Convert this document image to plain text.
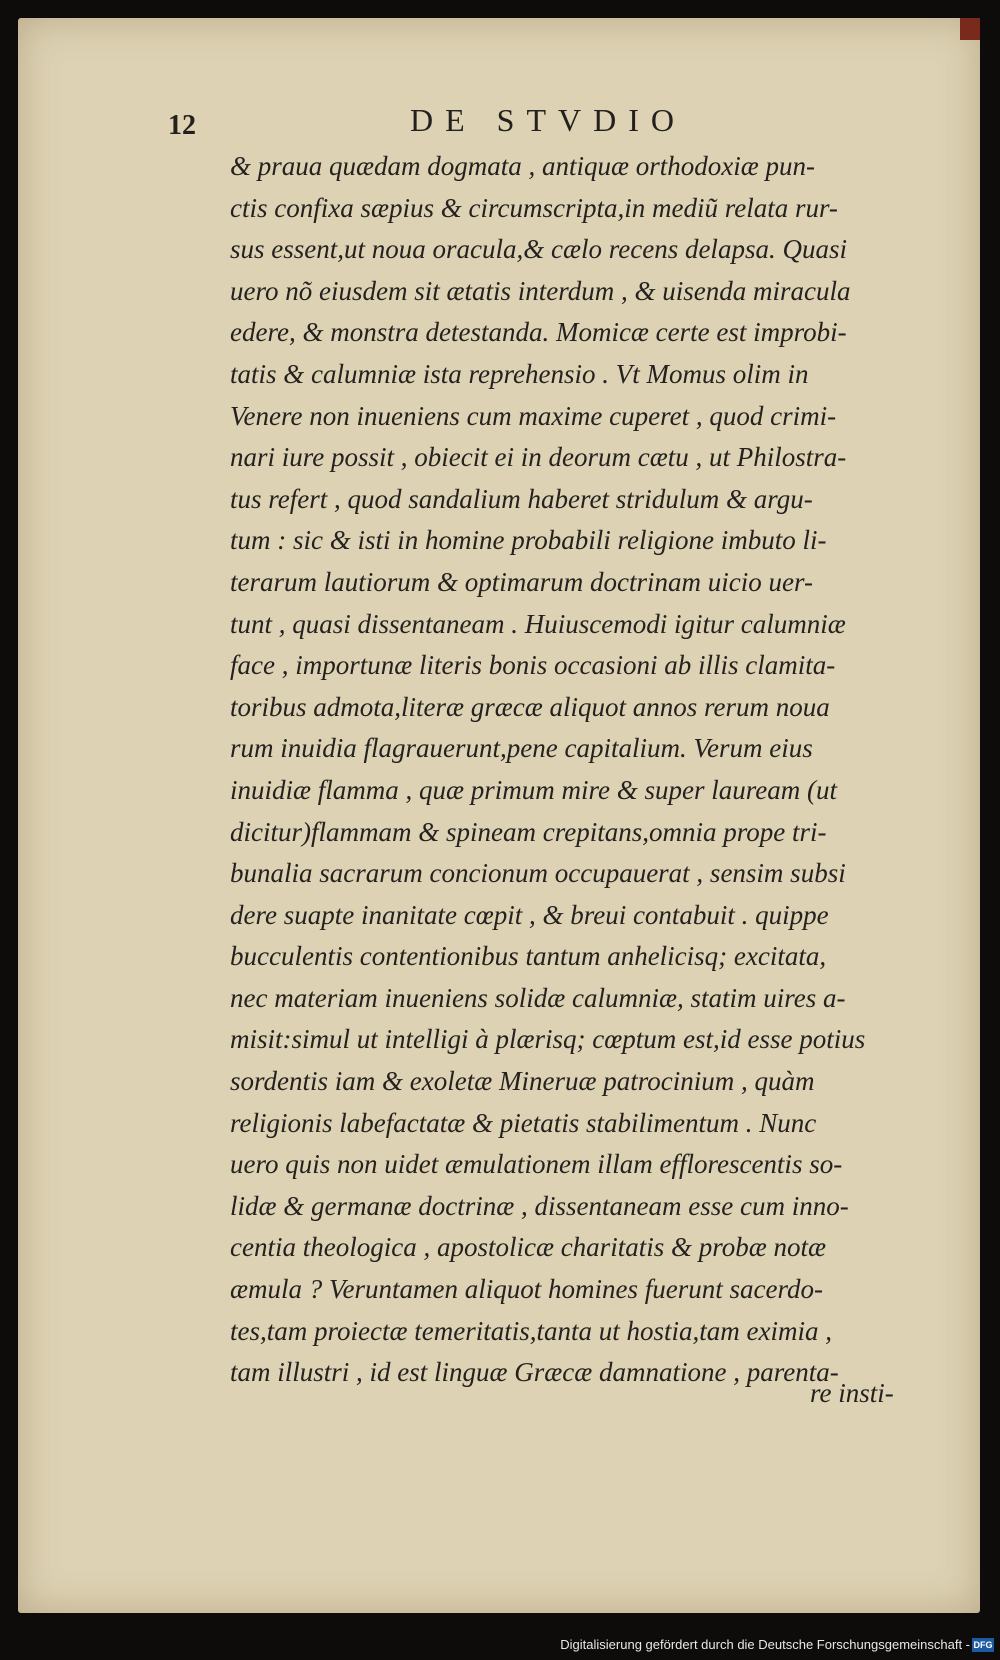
12	DE STVDIO

& praua quædam dogmata , antiquæ orthodoxiæ pun-

ctis confixa sæpius & circumscripta,in mediũ relata rur-

sus essent,ut noua oracula,& cælo recens delapsa. Quasi

uero nõ eiusdem sit ætatis interdum , & uisenda miracula

edere, & monstra detestanda. Momicæ certe est improbi-

tatis & calumniæ ista reprehensio . Vt Momus olim in

Venere non inueniens cum maxime cuperet , quod crimi-

nari iure possit , obiecit ei in deorum cætu , ut Philostra-

tus refert , quod sandalium haberet stridulum & argu-

tum : sic & isti in homine probabili religione imbuto li-

terarum lautiorum & optimarum doctrinam uicio uer-

tunt , quasi dissentaneam . Huiuscemodi igitur calumniæ

face , importunæ literis bonis occasioni ab illis clamita-

toribus admota,literæ græcæ aliquot annos rerum noua

rum inuidia flagrauerunt,pene capitalium. Verum eius

inuidiæ flamma , quæ primum mire & super lauream (ut

dicitur)flammam & spineam crepitans,omnia prope tri-

bunalia sacrarum concionum occupauerat , sensim subsi

dere suapte inanitate cœpit , & breui contabuit . quippe

bucculentis contentionibus tantum anhelicisq; excitata,

nec materiam inueniens solidæ calumniæ, statim uires a-

misit:simul ut intelligi à plærisq; cœptum est,id esse potius

sordentis iam & exoletæ Mineruæ patrocinium , quàm

religionis labefactatæ & pietatis stabilimentum . Nunc

uero quis non uidet æmulationem illam efflorescentis so-

lidæ & germanæ doctrinæ , dissentaneam esse cum inno-

centia theologica , apostolicæ charitatis & probæ notæ

æmula ? Veruntamen aliquot homines fuerunt sacerdo-

tes,tam proiectæ temeritatis,tanta ut hostia,tam eximia ,

tam illustri , id est linguæ Græcæ damnatione , parenta-

re insti-
Digitalisierung gefördert durch die Deutsche Forschungsgemeinschaft - DFG
